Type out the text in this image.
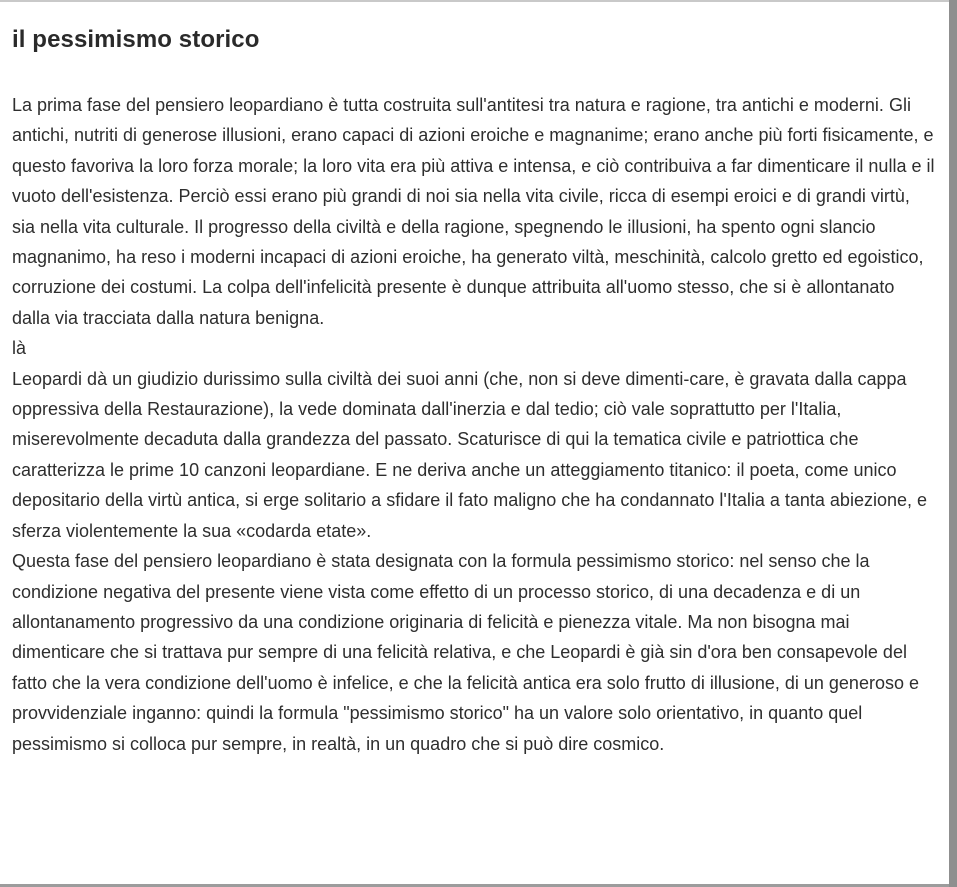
il pessimismo storico

La prima fase del pensiero leopardiano è tutta costruita sull'antitesi tra natura e ragione, tra antichi e moderni. Gli antichi, nutriti di generose illusioni, erano capaci di azioni eroiche e magnanime; erano anche più forti fisicamente, e questo favoriva la loro forza morale; la loro vita era più attiva e intensa, e ciò contribuiva a far dimenticare il nulla e il vuoto dell'esistenza. Perciò essi erano più grandi di noi sia nella vita civile, ricca di esempi eroici e di grandi virtù, sia nella vita culturale. Il progresso della civiltà e della ragione, spegnendo le illusioni, ha spento ogni slancio magnanimo, ha reso i moderni incapaci di azioni eroiche, ha generato viltà, meschinità, calcolo gretto ed egoistico, corruzione dei costumi. La colpa dell'infelicità presente è dunque attribuita all'uomo stesso, che si è allontanato dalla via tracciata dalla natura benigna.

là

Leopardi dà un giudizio durissimo sulla civiltà dei suoi anni (che, non si deve dimenti-care, è gravata dalla cappa oppressiva della Restaurazione), la vede dominata dall'inerzia e dal tedio; ciò vale soprattutto per l'Italia, miserevolmente decaduta dalla grandezza del passato. Scaturisce di qui la tematica civile e patriottica che caratterizza le prime 10 canzoni leopardiane. E ne deriva anche un atteggiamento titanico: il poeta, come unico depositario della virtù antica, si erge solitario a sfidare il fato maligno che ha condannato l'Italia a tanta abiezione, e sferza violentemente la sua «codarda etate».

Questa fase del pensiero leopardiano è stata designata con la formula pessimismo storico: nel senso che la condizione negativa del presente viene vista come effetto di un processo storico, di una decadenza e di un allontanamento progressivo da una condizione originaria di felicità e pienezza vitale. Ma non bisogna mai dimenticare che si trattava pur sempre di una felicità relativa, e che Leopardi è già sin d'ora ben consapevole del fatto che la vera condizione dell'uomo è infelice, e che la felicità antica era solo frutto di illusione, di un generoso e provvidenziale inganno: quindi la formula "pessimismo storico" ha un valore solo orientativo, in quanto quel pessimismo si colloca pur sempre, in realtà, in un quadro che si può dire cosmico.
